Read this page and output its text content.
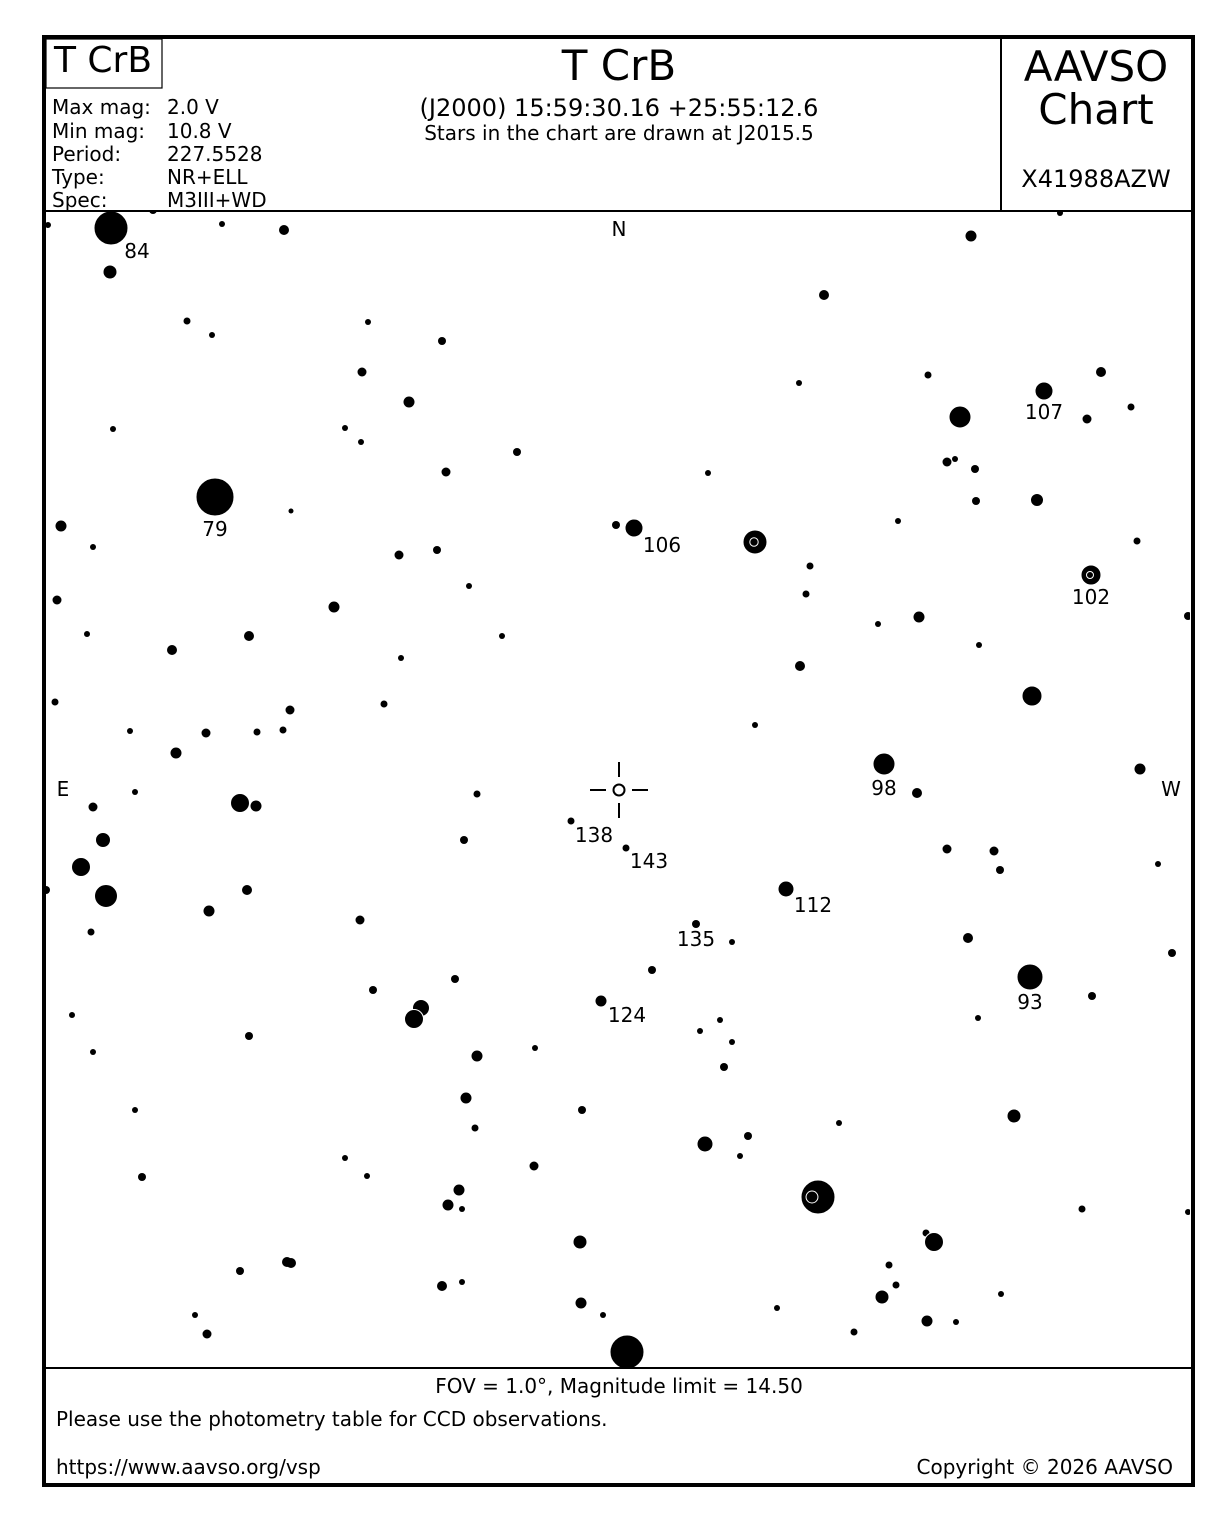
T CrB	T CrB
(J2000) 15:59:30.16 +25:55:12.6
Stars in the chart are drawn at J2015.5
AAVSO
Chart
X41988AZW
Max mag: 2.0 V
Min mag: 10.8 V
Period: 227.5528
Type:	NR+ELL
Spec:	M3III+WD
84
79
106
102
107
98
138
143
112
135
93
124
N
E	W
S
FOV = 1.0°, Magnitude limit = 14.50
Please use the photometry table for CCD observations.
https://www.aavso.org/vsp	Copyright © 2026 AAVSO
